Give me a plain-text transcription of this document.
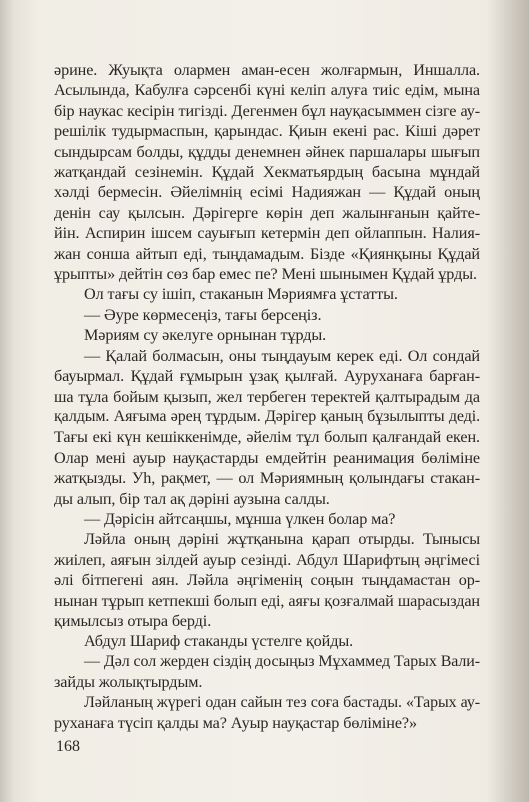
әрине. Жуықта олармен аман-есен жолғармын, Иншалла.
Асылында, Кабулға сәрсенбі күні келіп алуға тиіс едім, мына
бір наукас кесірін тигізді. Дегенмен бұл науқасыммен сізге ау-
решілік тудырмаспын, қарындас. Қиын екені рас. Кіші дәрет
сындырсам болды, құдды денемнен әйнек паршалары шығып
жатқандай сезінемін. Құдай Хекматьярдың басына мұндай
хәлді бермесін. Әйелімнің есімі Надияжан — Құдай оның
денін сау қылсын. Дәрігерге көрін деп жалынғанын қайте-
йін. Аспирин ішсем сауығып кетермін деп ойлаппын. Налия-
жан сонша айтып еді, тыңдамадым. Бізде «Қиянқыны Құдай
ұрыпты» дейтін сөз бар емес пе? Мені шынымен Құдай ұрды.
Ол тағы су ішіп, стаканын Мәриямға ұстатты.
— Әуре көрмесеңіз, тағы берсеңіз.
Мәриям су әкелуге орнынан тұрды.
— Қалай болмасын, оны тыңдауым керек еді. Ол сондай
бауырмал. Құдай ғұмырын ұзақ қылғай. Ауруханаға барған-
ша тұла бойым қызып, жел тербеген теректей қалтырадым да
қалдым. Аяғыма әрең тұрдым. Дәрігер қаның бұзылыпты деді.
Тағы екі күн кешіккенімде, әйелім тұл болып қалғандай екен.
Олар мені ауыр науқастарды емдейтін реанимация бөліміне
жатқызды. Уһ, рақмет, — ол Мәриямның қолындағы стакан-
ды алып, бір тал ақ дәріні аузына салды.
— Дәрісін айтсаңшы, мұнша үлкен болар ма?
Ләйла оның дәріні жұтқанына қарап отырды. Тынысы
жиілеп, аяғын зілдей ауыр сезінді. Абдул Шарифтың әңгімесі
әлі бітпегені аян. Ләйла әңгіменің соңын тыңдамастан ор-
нынан тұрып кетпекші болып еді, аяғы қозғалмай шарасыздан
қимылсыз отыра берді.
Абдул Шариф стаканды үстелге қойды.
— Дәл сол жерден сіздің досыңыз Мұхаммед Тарых Вали-
зайды жолықтырдым.
Ләйланың жүрегі одан сайын тез соға бастады. «Тарых ау-
руханаға түсіп қалды ма? Ауыр науқастар бөліміне?»
168
